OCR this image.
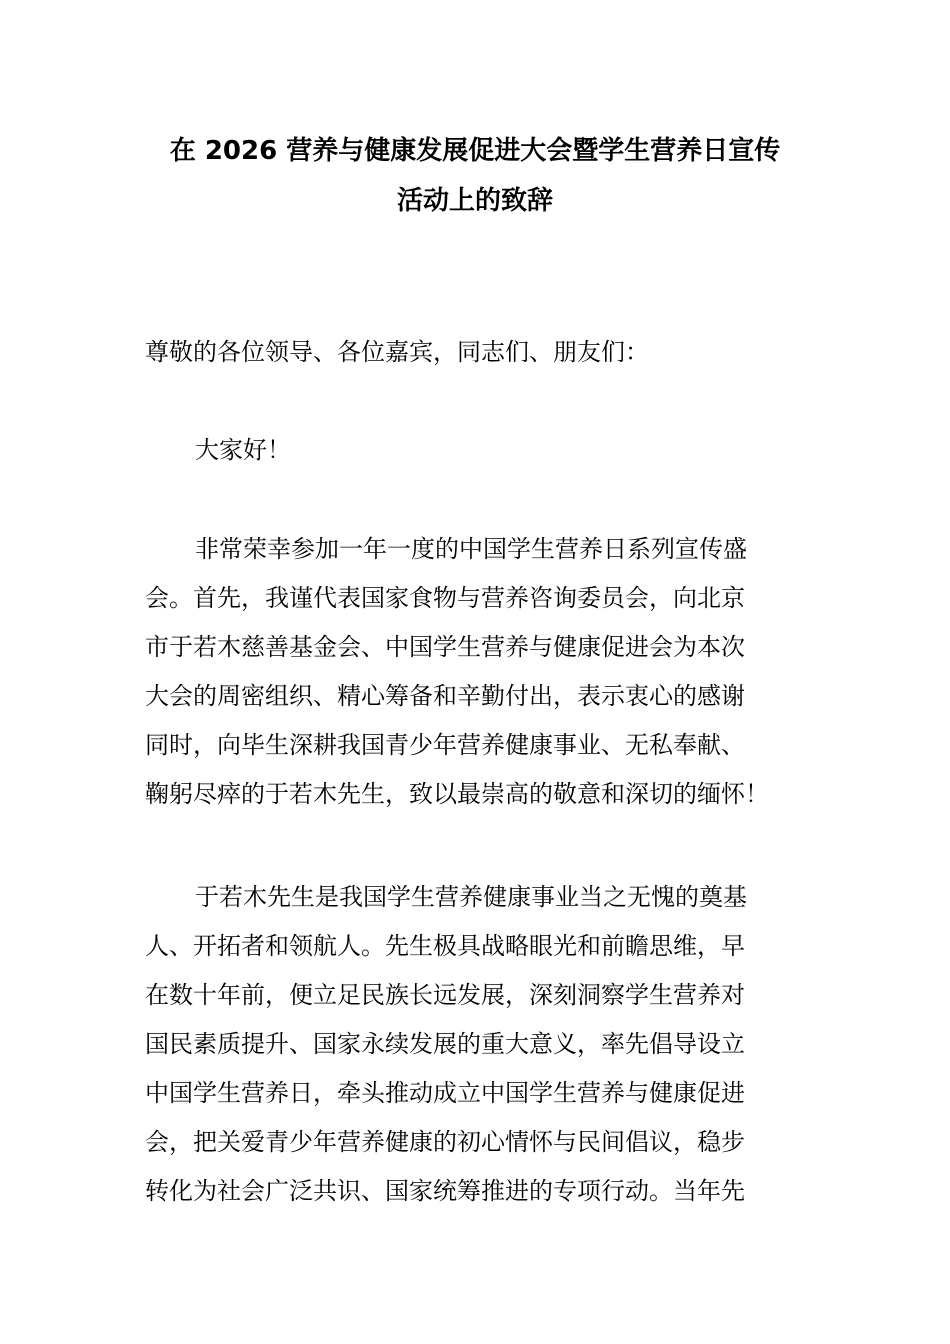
在 2026 营养与健康发展促进大会暨学生营养日宣传
活动上的致辞
尊敬的各位领导、各位嘉宾，同志们、朋友们：
大家好！
非常荣幸参加一年一度的中国学生营养日系列宣传盛
会。首先，我谨代表国家食物与营养咨询委员会，向北京
市于若木慈善基金会、中国学生营养与健康促进会为本次
大会的周密组织、精心筹备和辛勤付出，表示衷心的感谢
同时，向毕生深耕我国青少年营养健康事业、无私奉献、
鞠躬尽瘁的于若木先生，致以最崇高的敬意和深切的缅怀！
于若木先生是我国学生营养健康事业当之无愧的奠基
人、开拓者和领航人。先生极具战略眼光和前瞻思维，早
在数十年前，便立足民族长远发展，深刻洞察学生营养对
国民素质提升、国家永续发展的重大意义，率先倡导设立
中国学生营养日，牵头推动成立中国学生营养与健康促进
会，把关爱青少年营养健康的初心情怀与民间倡议，稳步
转化为社会广泛共识、国家统筹推进的专项行动。当年先
